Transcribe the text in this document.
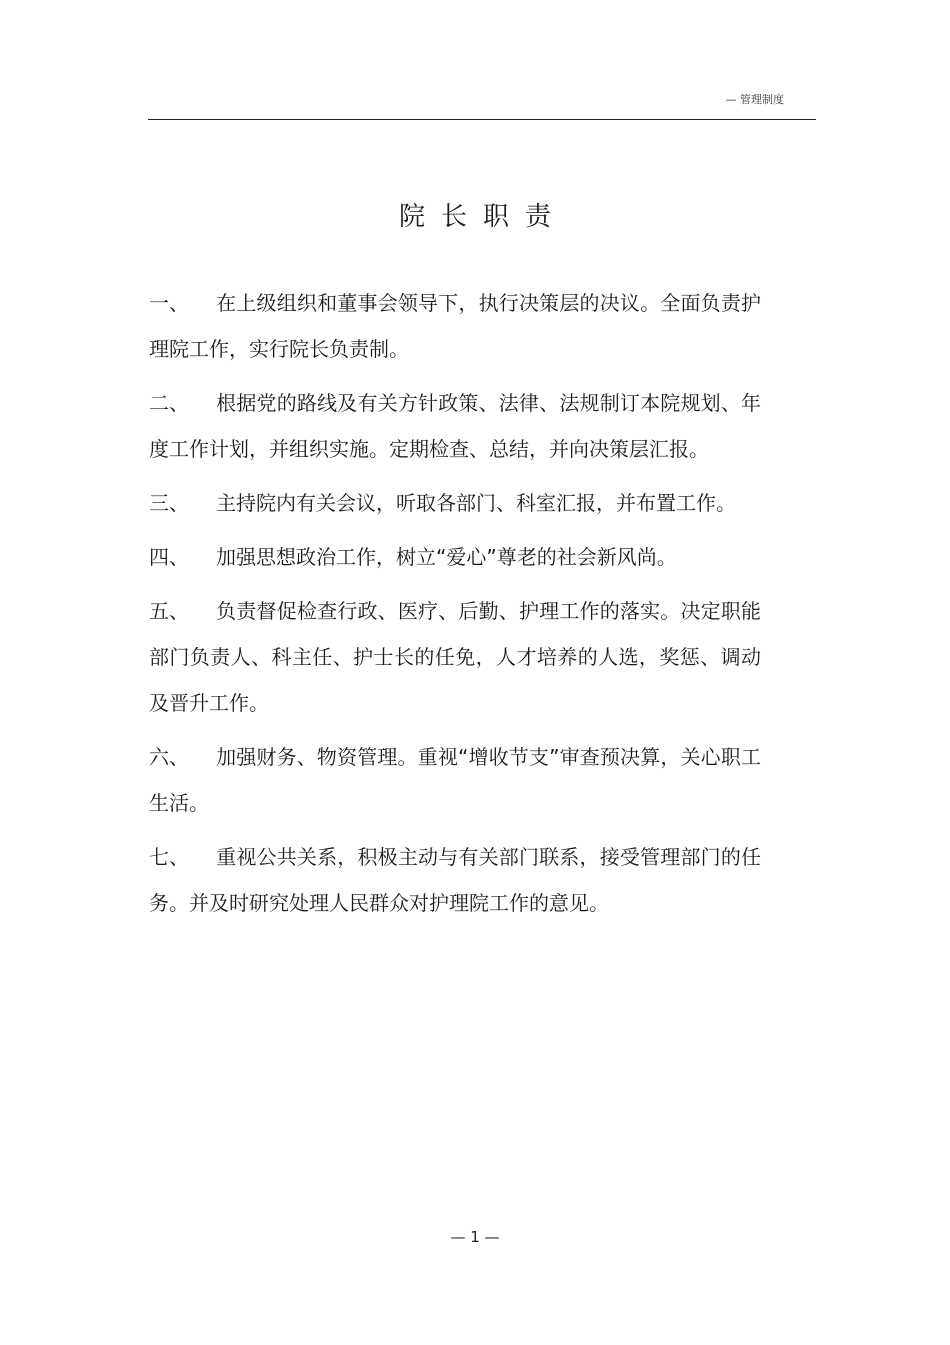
— 管理制度
院长职责

一、 在上级组织和董事会领导下，执行决策层的决议。全面负责护理院工作，实行院长负责制。

二、 根据党的路线及有关方针政策、法律、法规制订本院规划、年度工作计划，并组织实施。定期检查、总结，并向决策层汇报。

三、 主持院内有关会议，听取各部门、科室汇报，并布置工作。

四、 加强思想政治工作，树立“爱心”尊老的社会新风尚。

五、 负责督促检查行政、医疗、后勤、护理工作的落实。决定职能部门负责人、科主任、护士长的任免，人才培养的人选，奖惩、调动及晋升工作。

六、 加强财务、物资管理。重视“增收节支”审查预决算，关心职工生活。

七、 重视公共关系，积极主动与有关部门联系，接受管理部门的任务。并及时研究处理人民群众对护理院工作的意见。

— 1 —
